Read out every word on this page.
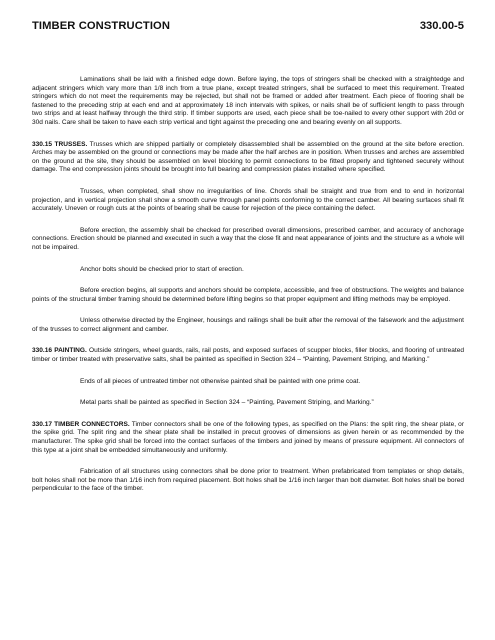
TIMBER CONSTRUCTION	330.00-5

Laminations shall be laid with a finished edge down. Before laying, the tops of stringers shall be checked with a straightedge and adjacent stringers which vary more than 1/8 inch from a true plane, except treated stringers, shall be surfaced to meet this requirement. Treated stringers which do not meet the requirements may be rejected, but shall not be framed or added after treatment. Each piece of flooring shall be fastened to the preceding strip at each end and at approximately 18 inch intervals with spikes, or nails shall be of sufficient length to pass through two strips and at least halfway through the third strip. If timber supports are used, each piece shall be toe-nailed to every other support with 20d or 30d nails. Care shall be taken to have each strip vertical and tight against the preceding one and bearing evenly on all supports.

330.15 TRUSSES. Trusses which are shipped partially or completely disassembled shall be assembled on the ground at the site before erection. Arches may be assembled on the ground or connections may be made after the half arches are in position. When trusses and arches are assembled on the ground at the site, they should be assembled on level blocking to permit connections to be fitted properly and tightened securely without damage. The end compression joints should be brought into full bearing and compression plates installed where specified.

Trusses, when completed, shall show no irregularities of line. Chords shall be straight and true from end to end in horizontal projection, and in vertical projection shall show a smooth curve through panel points conforming to the correct camber. All bearing surfaces shall fit accurately. Uneven or rough cuts at the points of bearing shall be cause for rejection of the piece containing the defect.

Before erection, the assembly shall be checked for prescribed overall dimensions, prescribed camber, and accuracy of anchorage connections. Erection should be planned and executed in such a way that the close fit and neat appearance of joints and the structure as a whole will not be impaired.

Anchor bolts should be checked prior to start of erection.

Before erection begins, all supports and anchors should be complete, accessible, and free of obstructions. The weights and balance points of the structural timber framing should be determined before lifting begins so that proper equipment and lifting methods may be employed.

Unless otherwise directed by the Engineer, housings and railings shall be built after the removal of the falsework and the adjustment of the trusses to correct alignment and camber.

330.16 PAINTING. Outside stringers, wheel guards, rails, rail posts, and exposed surfaces of scupper blocks, filler blocks, and flooring of untreated timber or timber treated with preservative salts, shall be painted as specified in Section 324 – “Painting, Pavement Striping, and Marking.”

Ends of all pieces of untreated timber not otherwise painted shall be painted with one prime coat.

Metal parts shall be painted as specified in Section 324 – “Painting, Pavement Striping, and Marking.”

330.17 TIMBER CONNECTORS. Timber connectors shall be one of the following types, as specified on the Plans: the split ring, the shear plate, or the spike grid. The split ring and the shear plate shall be installed in precut grooves of dimensions as given herein or as recommended by the manufacturer. The spike grid shall be forced into the contact surfaces of the timbers and joined by means of pressure equipment. All connectors of this type at a joint shall be embedded simultaneously and uniformly.

Fabrication of all structures using connectors shall be done prior to treatment. When prefabricated from templates or shop details, bolt holes shall not be more than 1/16 inch from required placement. Bolt holes shall be 1/16 inch larger than bolt diameter. Bolt holes shall be bored perpendicular to the face of the timber.
